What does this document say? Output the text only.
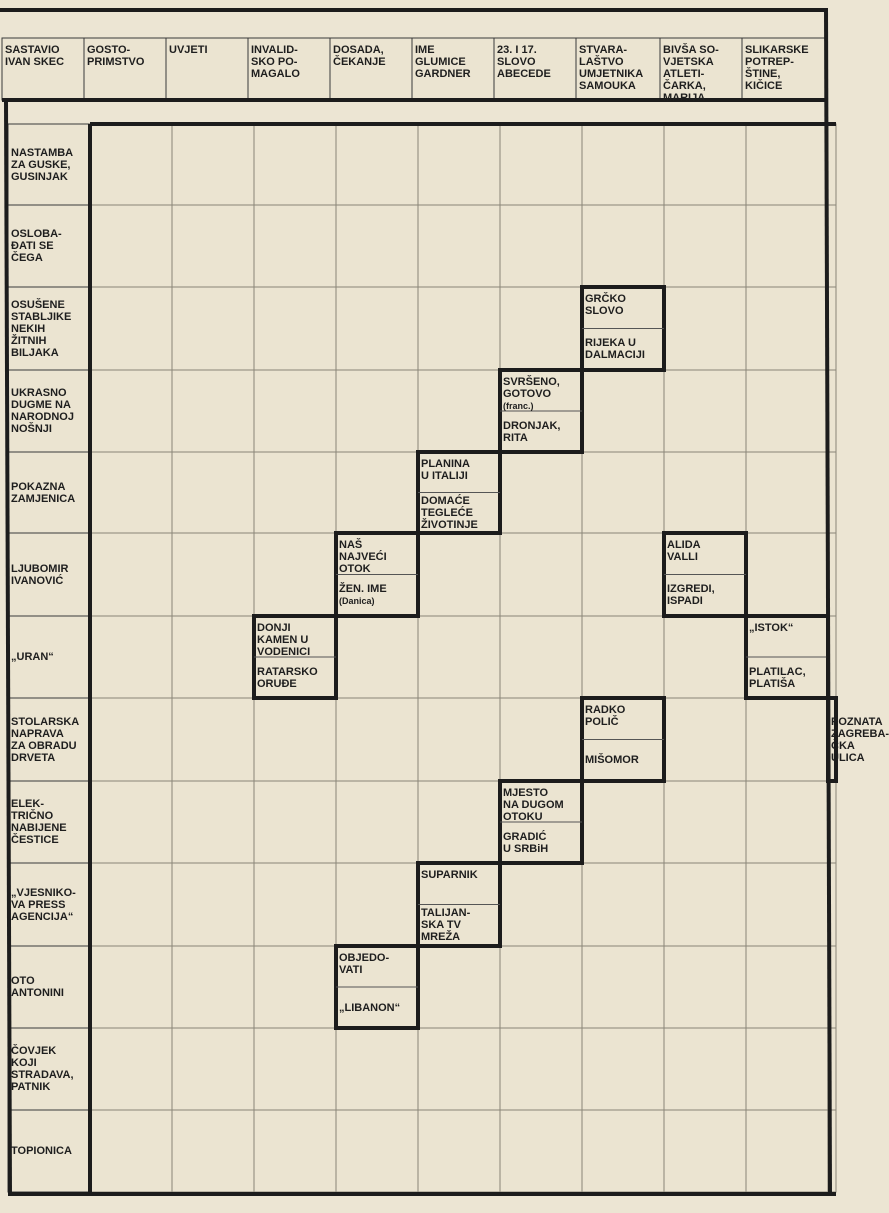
SASTAVIO
IVAN SKEC
GOSTO-
PRIMSTVO
UVJETI	INVALID-
SKO PO-
MAGALO
DOSADA,
ČEKANJE
IME
GLUMICE
GARDNER
23. I 17.
SLOVO
ABECEDE
STVARA-
LAŠTVO
UMJETNIKA
SAMOUKA
BIVŠA SO-
VJETSKA
ATLETI-
ČARKA,
MARIJA
SLIKARSKE
POTREP-
ŠTINE,
KIČICE
NASTAMBA
ZA GUSKE,
GUSINJAK
OSLOBA-
ĐATI SE
ČEGA
OSUŠENE
STABLJIKE
NEKIH
ŽITNIH
BILJAKA
GRČKO
SLOVO
RIJEKA U
DALMACIJI
UKRASNO
DUGME NA
NARODNOJ
NOŠNJI
SVRŠENO,
GOTOVO
(franc.)
DRONJAK,
RITA
POKAZNA
ZAMJENICA
PLANINA
U ITALIJI
DOMAĆE
TEGLEĆE
ŽIVOTINJE
LJUBOMIR
IVANOVIĆ
NAŠ
NAJVEĆI
OTOK
ŽEN. IME
(Danica)
ALIDA
VALLI
IZGREDI,
ISPADI
„URAN“
DONJI
KAMEN U
VODENICI
RATARSKO
ORUĐE
„ISTOK“
PLATILAC,
PLATIŠA
STOLARSKA
NAPRAVA
ZA OBRADU
DRVETA
RADKO
POLIČ
MIŠOMOR
POZNATA
ZAGREBA-
ČKA ULICA
ELEK-
TRIČNO
NABIJENE
ČESTICE
MJESTO
NA DUGOM
OTOKU
GRADIĆ
U SRBiH
„VJESNIKO-
VA PRESS
AGENCIJA“
SUPARNIK
TALIJAN-
SKA TV
MREŽA
OTO
ANTONINI
OBJEDO-
VATI
„LIBANON“
ČOVJEK
KOJI
STRADAVA,
PATNIK
TOPIONICA
